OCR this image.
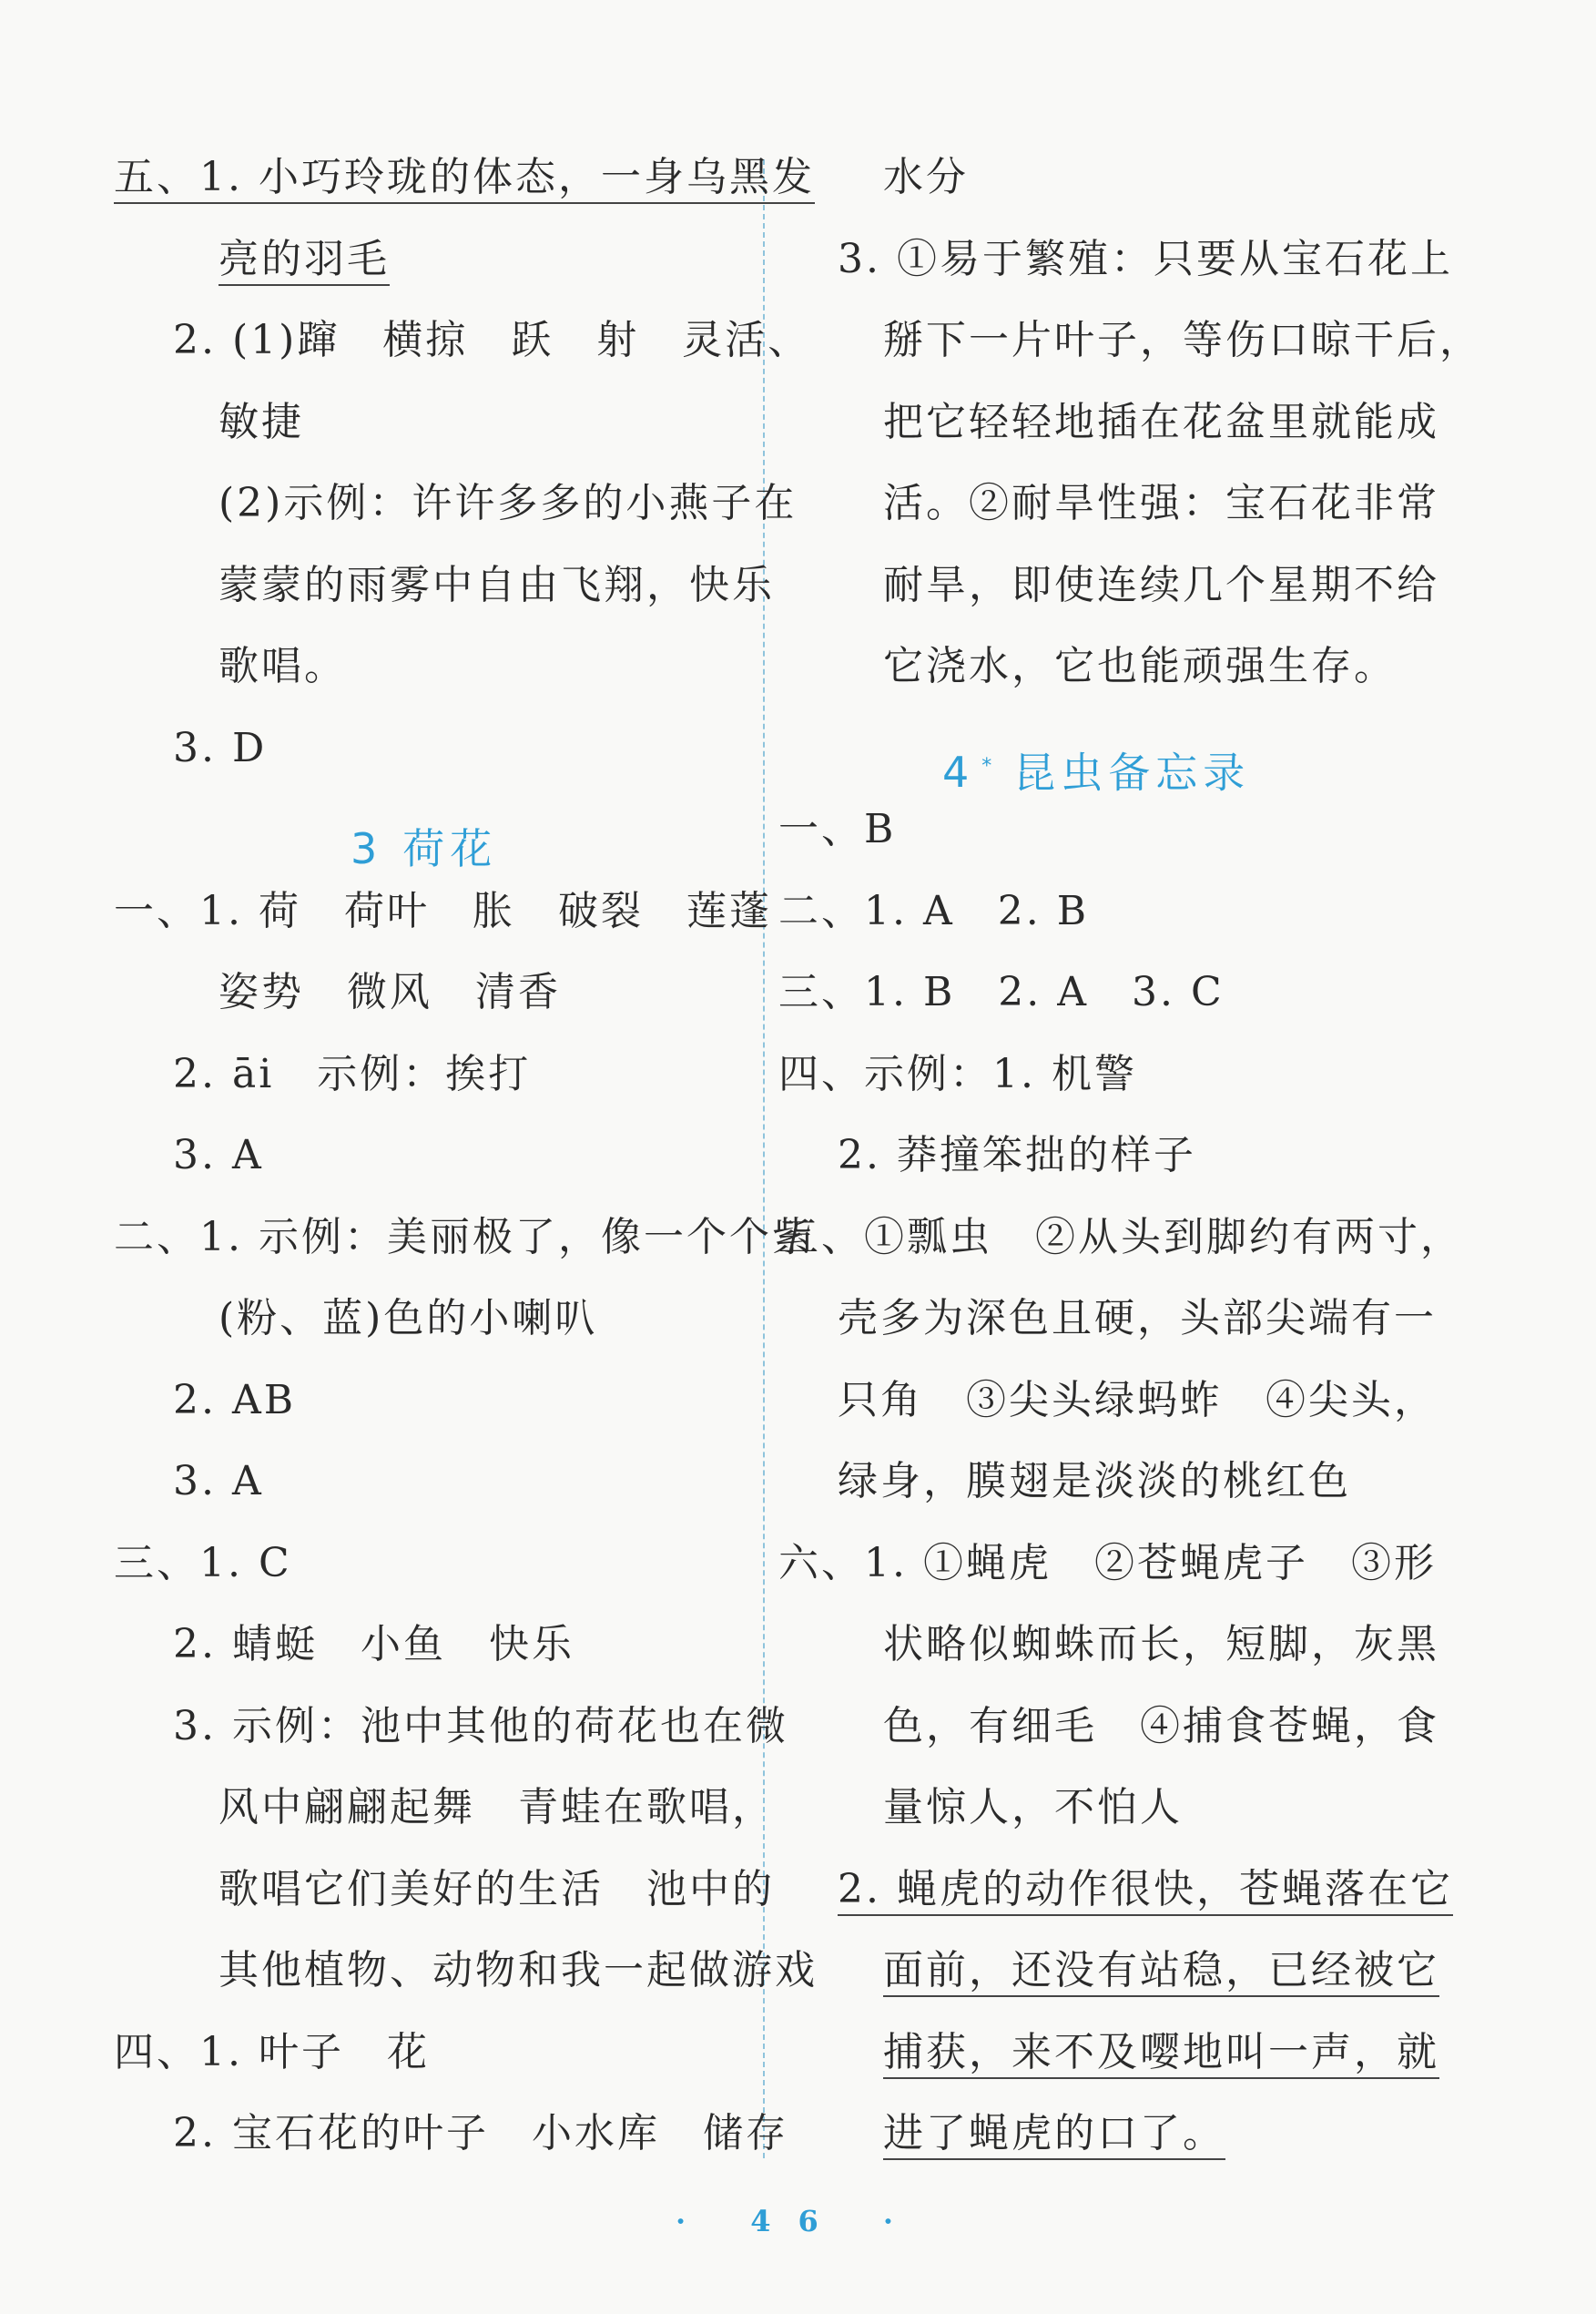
五、1. 小巧玲珑的体态，一身乌黑发
亮的羽毛
2. (1)蹿　横掠　跃　射　灵活、
敏捷
(2)示例：许许多多的小燕子在
蒙蒙的雨雾中自由飞翔，快乐
歌唱。
3. D
一、1. 荷　荷叶　胀　破裂　莲蓬
姿势　微风　清香
2. āi　示例：挨打
3. A
二、1. 示例：美丽极了，像一个个紫
(粉、蓝)色的小喇叭
2. AB
3. A
三、1. C
2. 蜻蜓　小鱼　快乐
3. 示例：池中其他的荷花也在微
风中翩翩起舞　青蛙在歌唱，
歌唱它们美好的生活　池中的
其他植物、动物和我一起做游戏
四、1. 叶子　花
2. 宝石花的叶子　小水库　储存
水分
3. ①易于繁殖：只要从宝石花上
掰下一片叶子，等伤口晾干后，
把它轻轻地插在花盆里就能成
活。②耐旱性强：宝石花非常
耐旱，即使连续几个星期不给
它浇水，它也能顽强生存。
一、B
二、1. A　2. B
三、1. B　2. A　3. C
四、示例：1. 机警
2. 莽撞笨拙的样子
五、①瓢虫　②从头到脚约有两寸，
壳多为深色且硬，头部尖端有一
只角　③尖头绿蚂蚱　④尖头，
绿身，膜翅是淡淡的桃红色
六、1. ①蝇虎　②苍蝇虎子　③形
状略似蜘蛛而长，短脚，灰黑
色，有细毛　④捕食苍蝇，食
量惊人，不怕人
2. 蝇虎的动作很快，苍蝇落在它
面前，还没有站稳，已经被它
捕获，来不及嘤地叫一声，就
进了蝇虎的口了。
3 荷花
4 * 昆虫备忘录
· 46 ·
